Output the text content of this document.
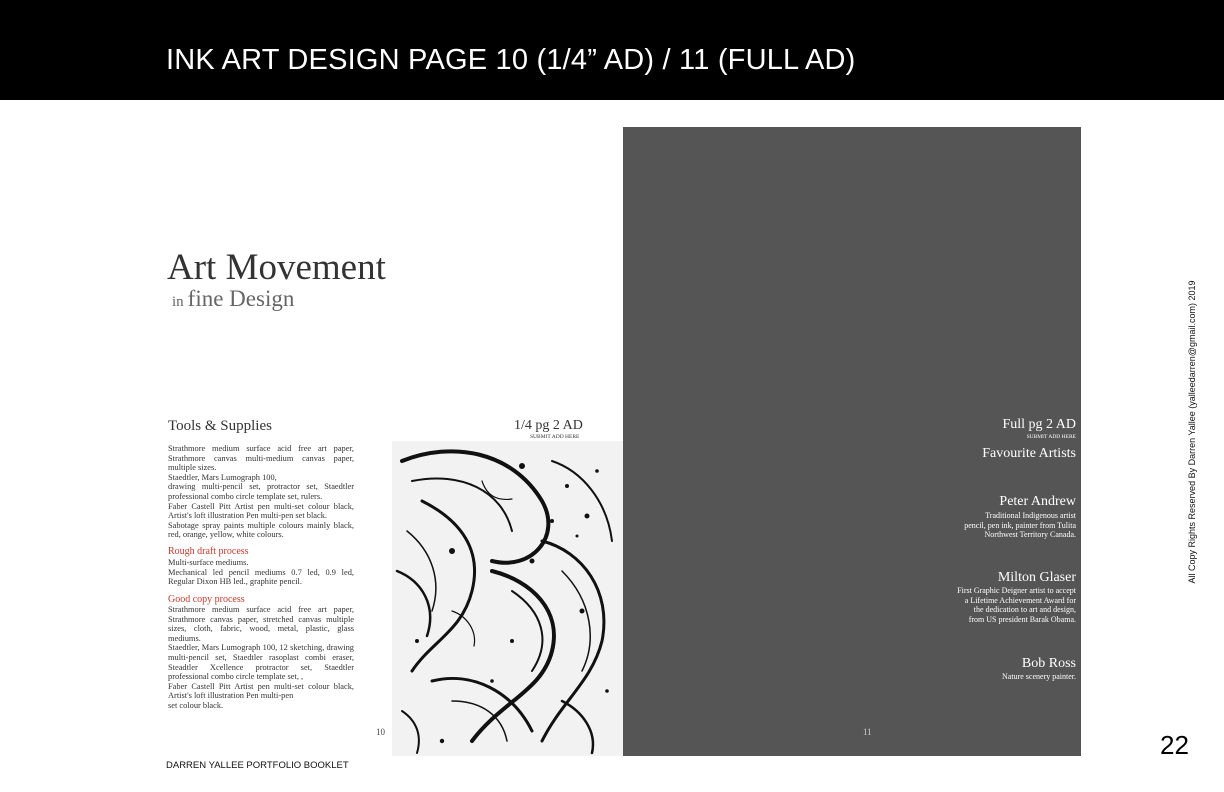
INK ART DESIGN PAGE 10 (1/4” AD) / 11 (FULL AD)
Art Movement
in fine Design
Tools & Supplies

Strathmore medium surface acid free art paper, Strathmore canvas multi-medium canvas paper, multiple sizes.

Staedtler, Mars Lumograph 100,

drawing multi-pencil set, protractor set, Staedtler professional combo circle template set, rulers.

Faber Castell Pitt Artist pen multi-set colour black, Artist's loft illustration Pen multi-pen set black.

Sabotage spray paints multiple colours mainly black, red, orange, yellow, white colours.

Rough draft process

Multi-surface mediums.

Mechanical led pencil mediums 0.7 led, 0.9 led, Regular Dixon HB led., graphite pencil.

Good copy process

Strathmore medium surface acid free art paper, Strathmore canvas paper, stretched canvas multiple sizes, cloth, fabric, wood, metal, plastic, glass mediums.

Staedtler, Mars Lumograph 100, 12 sketching, drawing multi-pencil set, Staedtler rasoplast combi eraser, Steadtler Xcellence protractor set, Staedtler professional combo circle template set, ,

Faber Castell Pitt Artist pen multi-set colour black, Artist's loft illustration Pen multi-pen

set colour black.

1/4 pg 2 AD
SUBMIT ADD HERE
10
Full pg 2 AD
SUBMIT ADD HERE
Favourite Artists
Peter Andrew
Traditional Indigenous artist
pencil, pen ink, painter from Tulita
Northwest Territory Canada.
Milton Glaser
First Graphic Deigner artist to accept
a Lifetime Achievement Award for
the dedication to art and design,
from US president Barak Obama.
Bob Ross
Nature scenery painter.
11
All Copy Rights Reserved By Darren Yallee (yalleedarren@gmail.com) 2019
22
DARREN YALLEE PORTFOLIO BOOKLET
